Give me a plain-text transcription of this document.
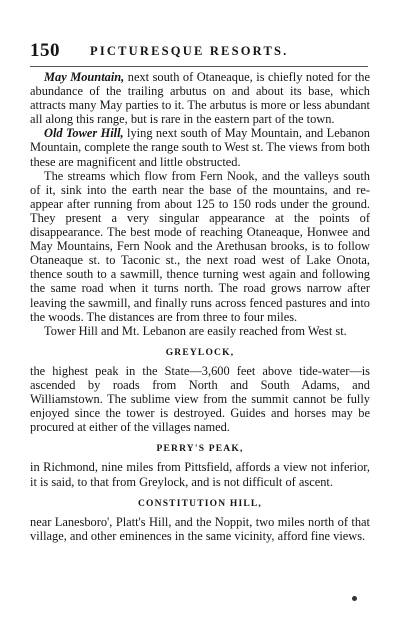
150 PICTURESQUE RESORTS.

May Mountain, next south of Otaneaque, is chiefly noted for the abundance of the trailing arbutus on and about its base, which attracts many May parties to it. The arbutus is more or less abundant all along this range, but is rare in the eastern part of the town.

Old Tower Hill, lying next south of May Mountain, and Lebanon Mountain, complete the range south to West st. The views from both these are magnificent and little obstructed.

The streams which flow from Fern Nook, and the valleys south of it, sink into the earth near the base of the mountains, and re-appear after running from about 125 to 150 rods under the ground. They present a very singular appearance at the points of disappearance. The best mode of reaching Otaneaque, Honwee and May Mountains, Fern Nook and the Arethusan brooks, is to follow Otaneaque st. to Taconic st., the next road west of Lake Onota, thence south to a sawmill, thence turning west again and following the same road when it turns north. The road grows narrow after leaving the sawmill, and finally runs across fenced pastures and into the woods. The distances are from three to four miles.

Tower Hill and Mt. Lebanon are easily reached from West st.

GREYLOCK,

the highest peak in the State—3,600 feet above tide-water—is ascended by roads from North and South Adams, and Williamstown. The sublime view from the summit cannot be fully enjoyed since the tower is destroyed. Guides and horses may be procured at either of the villages named.

PERRY'S PEAK,

in Richmond, nine miles from Pittsfield, affords a view not inferior, it is said, to that from Greylock, and is not difficult of ascent.

CONSTITUTION HILL,

near Lanesboro', Platt's Hill, and the Noppit, two miles north of that village, and other eminences in the same vicinity, afford fine views.
